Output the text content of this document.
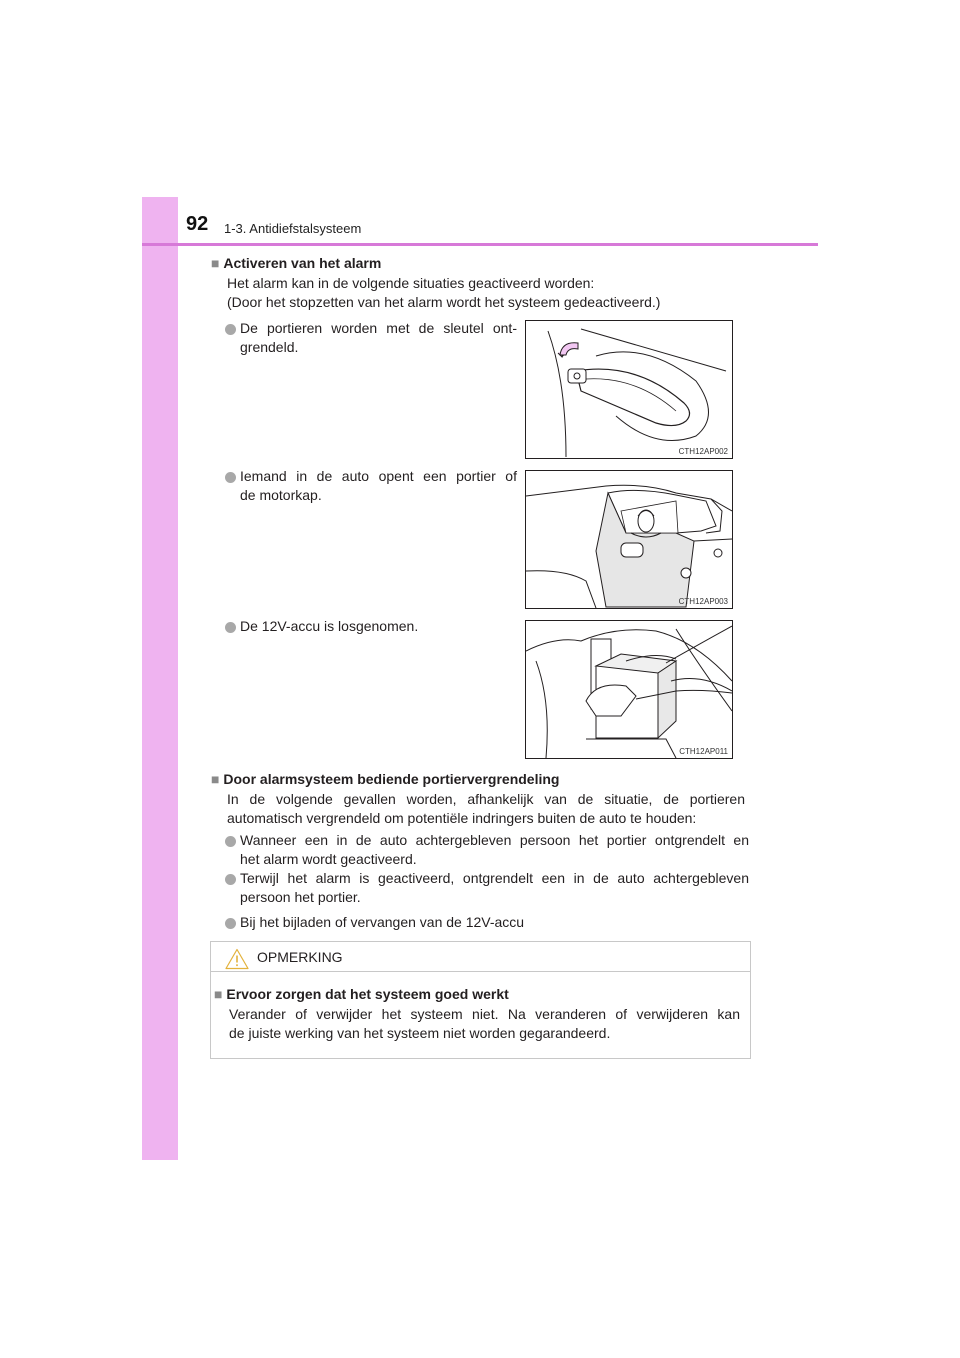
92 1-3. Antidiefstalsysteem
■ Activeren van het alarm
Het alarm kan in de volgende situaties geactiveerd worden:
(Door het stopzetten van het alarm wordt het systeem gedeactiveerd.)
De portieren worden met de sleutel ont-
grendeld.
CTH12AP002
Iemand in de auto opent een portier of
de motorkap.
CTH12AP003
De 12V-accu is losgenomen.
CTH12AP011
■ Door alarmsysteem bediende portiervergrendeling
In de volgende gevallen worden, afhankelijk van de situatie, de portieren
automatisch vergrendeld om potentiële indringers buiten de auto te houden:
Wanneer een in de auto achtergebleven persoon het portier ontgrendelt en
het alarm wordt geactiveerd.
Terwijl het alarm is geactiveerd, ontgrendelt een in de auto achtergebleven
persoon het portier.
Bij het bijladen of vervangen van de 12V-accu
OPMERKING
■ Ervoor zorgen dat het systeem goed werkt
Verander of verwijder het systeem niet. Na veranderen of verwijderen kan
de juiste werking van het systeem niet worden gegarandeerd.
